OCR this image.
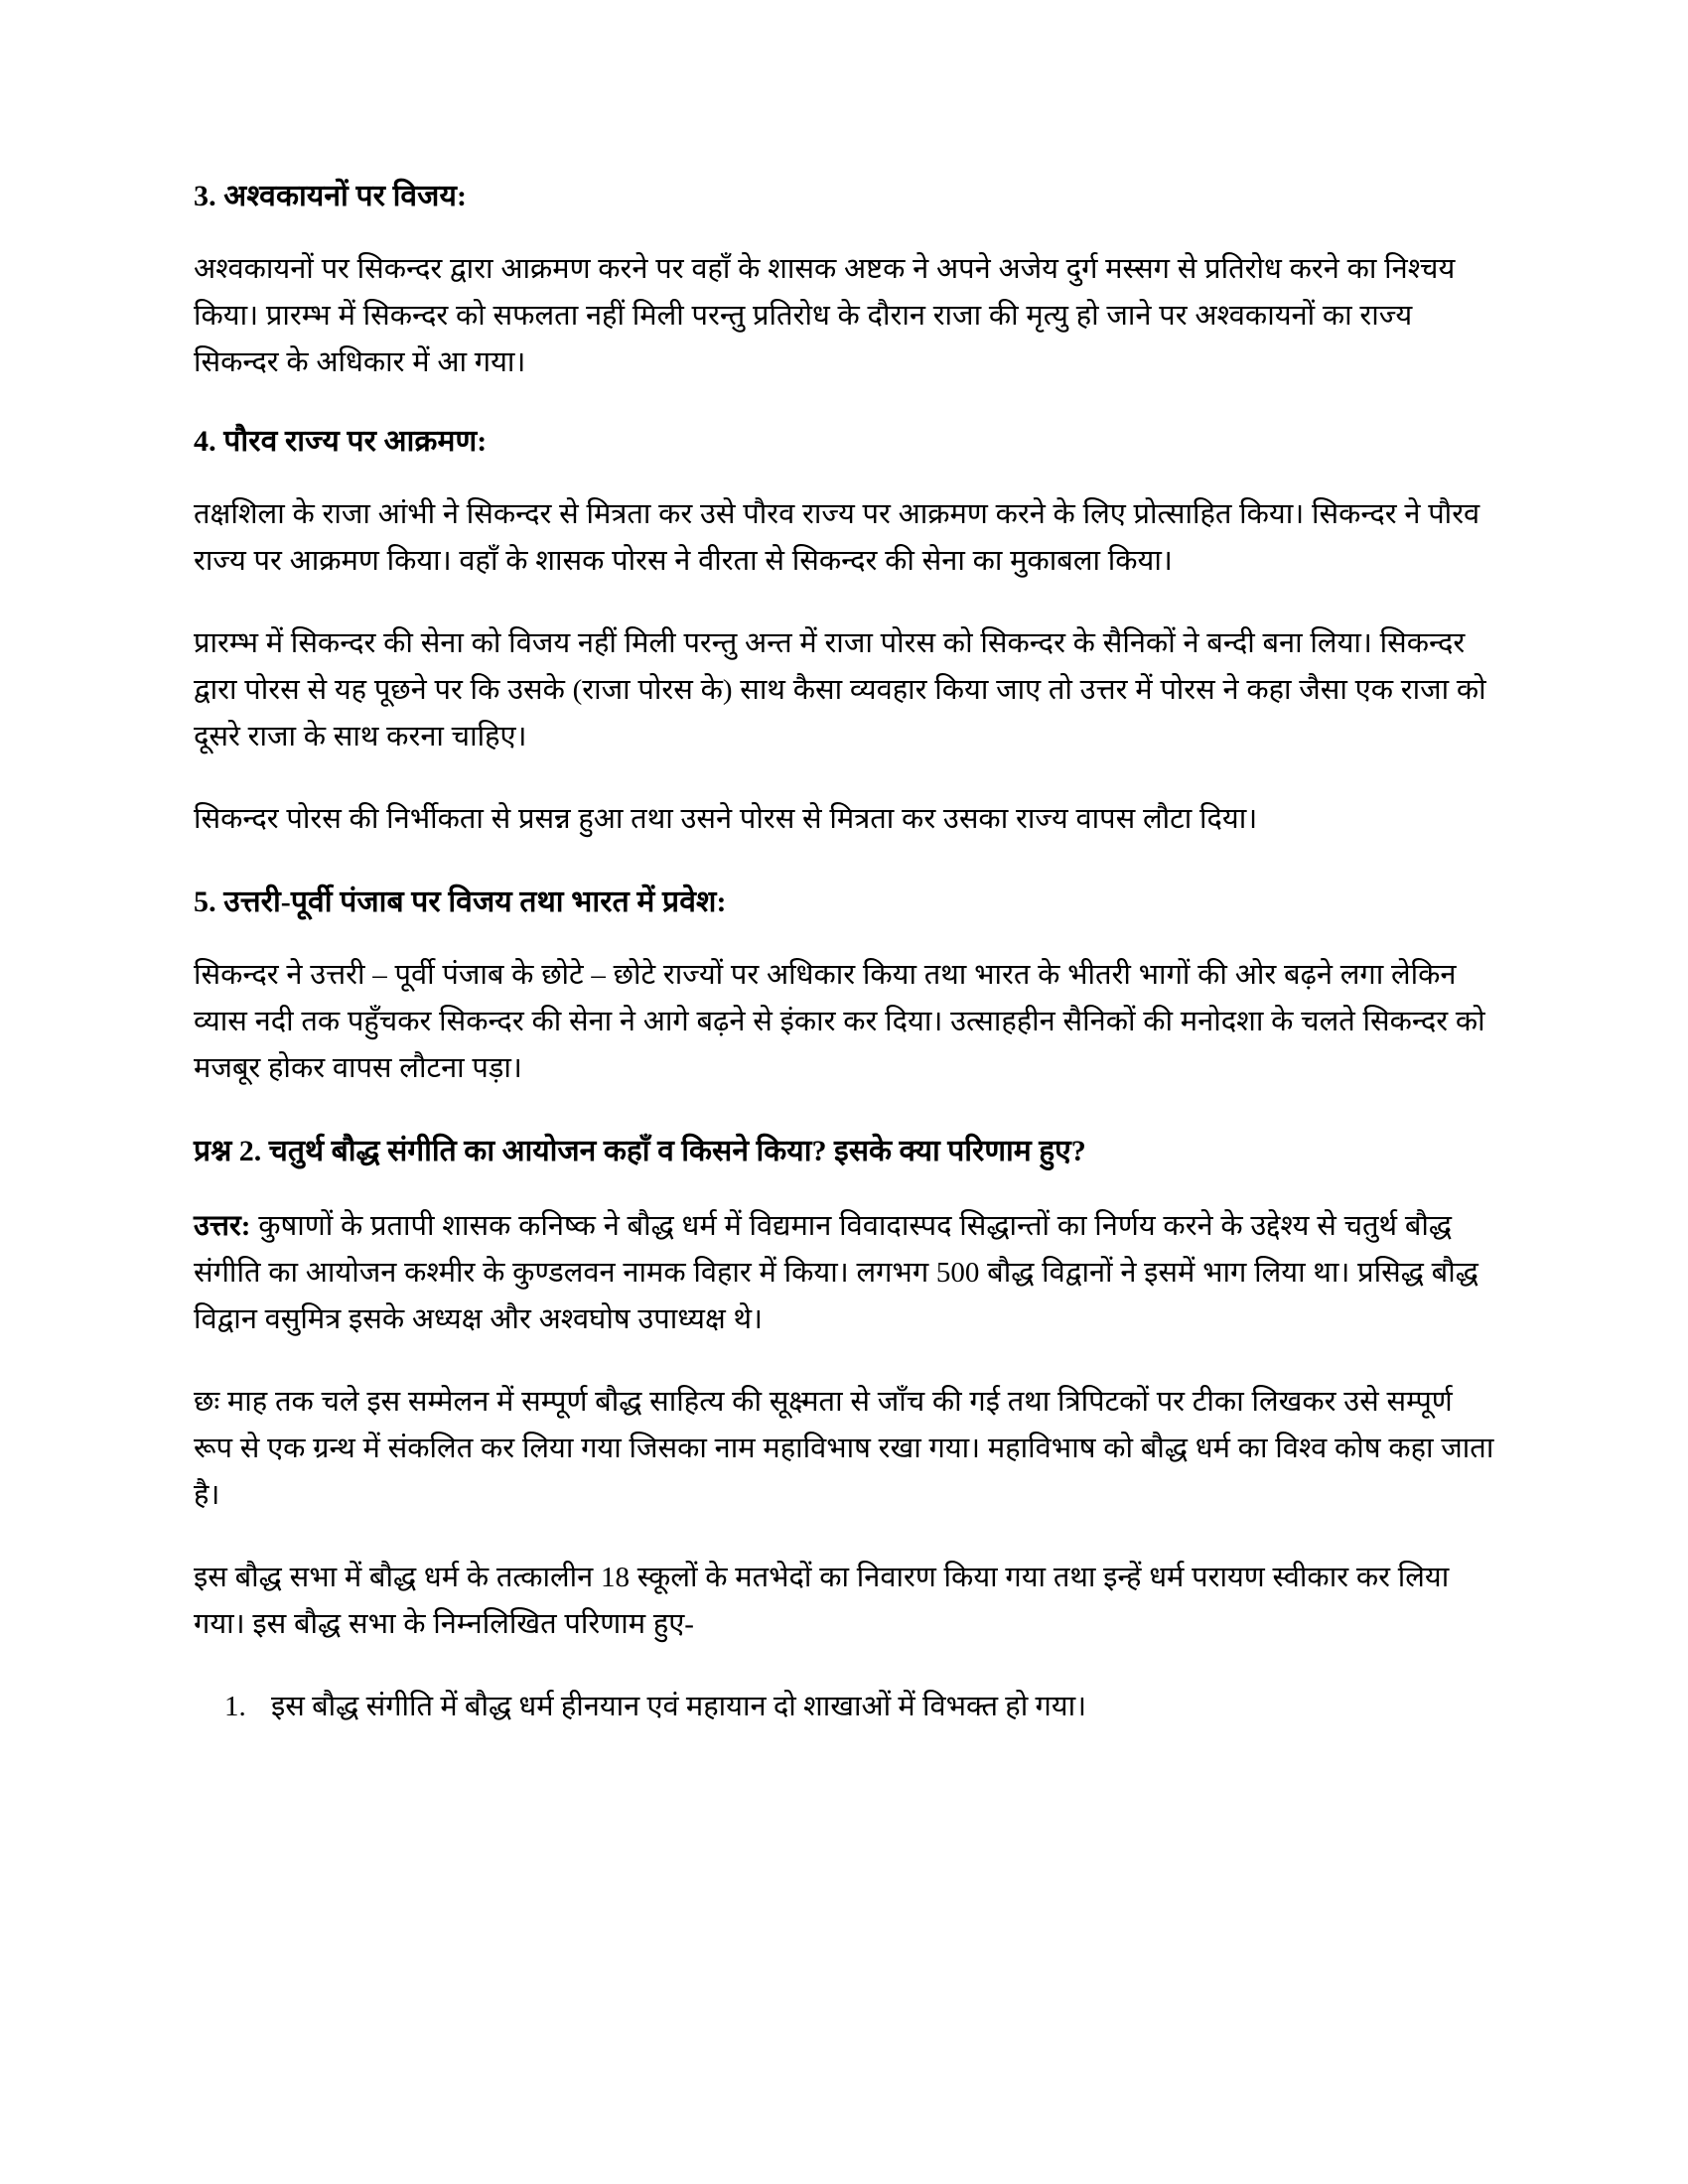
3. अश्वकायनों पर विजय:

अश्वकायनों पर सिकन्दर द्वारा आक्रमण करने पर वहाँ के शासक अष्टक ने अपने अजेय दुर्ग मस्सग से प्रतिरोध करने का निश्चय किया। प्रारम्भ में सिकन्दर को सफलता नहीं मिली परन्तु प्रतिरोध के दौरान राजा की मृत्यु हो जाने पर अश्वकायनों का राज्य सिकन्दर के अधिकार में आ गया।

4. पौरव राज्य पर आक्रमण:

तक्षशिला के राजा आंभी ने सिकन्दर से मित्रता कर उसे पौरव राज्य पर आक्रमण करने के लिए प्रोत्साहित किया। सिकन्दर ने पौरव राज्य पर आक्रमण किया। वहाँ के शासक पोरस ने वीरता से सिकन्दर की सेना का मुकाबला किया।

प्रारम्भ में सिकन्दर की सेना को विजय नहीं मिली परन्तु अन्त में राजा पोरस को सिकन्दर के सैनिकों ने बन्दी बना लिया। सिकन्दर द्वारा पोरस से यह पूछने पर कि उसके (राजा पोरस के) साथ कैसा व्यवहार किया जाए तो उत्तर में पोरस ने कहा जैसा एक राजा को दूसरे राजा के साथ करना चाहिए।

सिकन्दर पोरस की निर्भीकता से प्रसन्न हुआ तथा उसने पोरस से मित्रता कर उसका राज्य वापस लौटा दिया।

5. उत्तरी-पूर्वी पंजाब पर विजय तथा भारत में प्रवेश:

सिकन्दर ने उत्तरी – पूर्वी पंजाब के छोटे – छोटे राज्यों पर अधिकार किया तथा भारत के भीतरी भागों की ओर बढ़ने लगा लेकिन व्यास नदी तक पहुँचकर सिकन्दर की सेना ने आगे बढ़ने से इंकार कर दिया। उत्साहहीन सैनिकों की मनोदशा के चलते सिकन्दर को मजबूर होकर वापस लौटना पड़ा।

प्रश्न 2. चतुर्थ बौद्ध संगीति का आयोजन कहाँ व किसने किया? इसके क्या परिणाम हुए?

उत्तर: कुषाणों के प्रतापी शासक कनिष्क ने बौद्ध धर्म में विद्यमान विवादास्पद सिद्धान्तों का निर्णय करने के उद्देश्य से चतुर्थ बौद्ध संगीति का आयोजन कश्मीर के कुण्डलवन नामक विहार में किया। लगभग 500 बौद्ध विद्वानों ने इसमें भाग लिया था। प्रसिद्ध बौद्ध विद्वान वसुमित्र इसके अध्यक्ष और अश्वघोष उपाध्यक्ष थे।

छः माह तक चले इस सम्मेलन में सम्पूर्ण बौद्ध साहित्य की सूक्ष्मता से जाँच की गई तथा त्रिपिटकों पर टीका लिखकर उसे सम्पूर्ण रूप से एक ग्रन्थ में संकलित कर लिया गया जिसका नाम महाविभाष रखा गया। महाविभाष को बौद्ध धर्म का विश्व कोष कहा जाता है।

इस बौद्ध सभा में बौद्ध धर्म के तत्कालीन 18 स्कूलों के मतभेदों का निवारण किया गया तथा इन्हें धर्म परायण स्वीकार कर लिया गया। इस बौद्ध सभा के निम्नलिखित परिणाम हुए-

1. इस बौद्ध संगीति में बौद्ध धर्म हीनयान एवं महायान दो शाखाओं में विभक्त हो गया।
